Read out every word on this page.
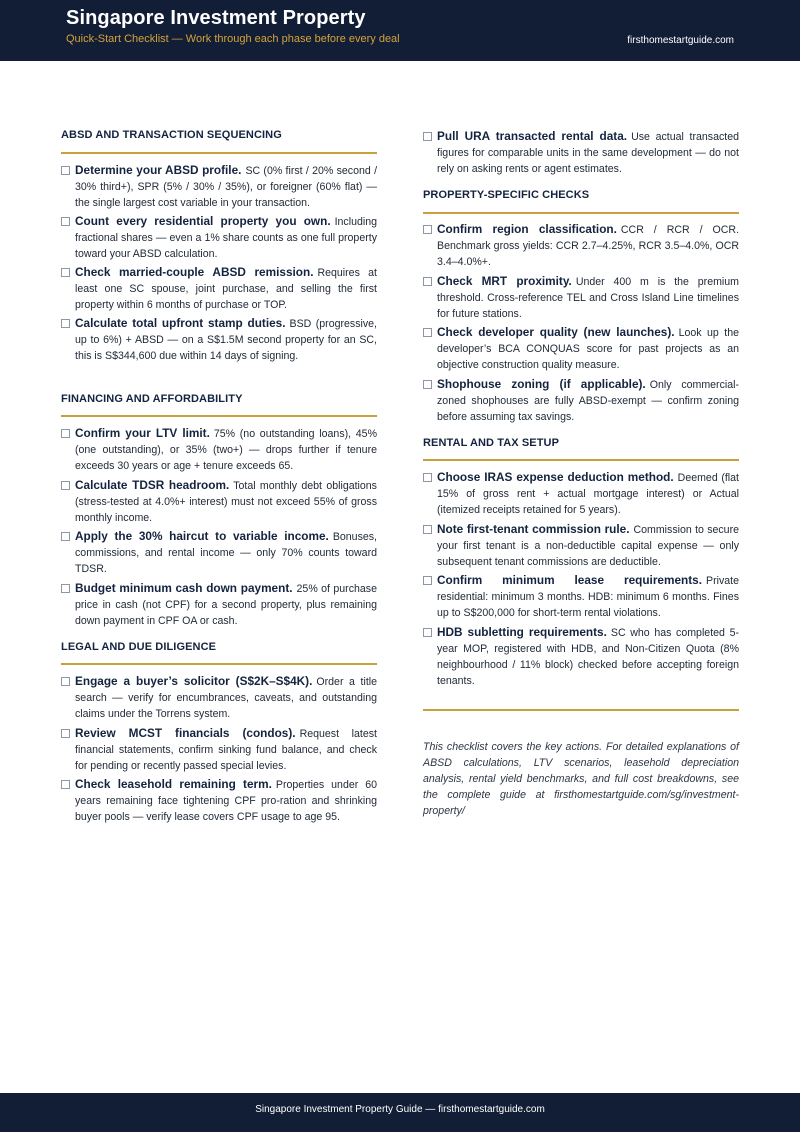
Singapore Investment Property
Quick-Start Checklist — Work through each phase before every deal	firsthomestartguide.com
ABSD AND TRANSACTION SEQUENCING
Determine your ABSD profile. SC (0% first / 20% second / 30% third+), SPR (5% / 30% / 35%), or foreigner (60% flat) — the single largest cost variable in your transaction.
Count every residential property you own. Including fractional shares — even a 1% share counts as one full property toward your ABSD calculation.
Check married-couple ABSD remission. Requires at least one SC spouse, joint purchase, and selling the first property within 6 months of purchase or TOP.
Calculate total upfront stamp duties. BSD (progressive, up to 6%) + ABSD — on a S$1.5M second property for an SC, this is S$344,600 due within 14 days of signing.
FINANCING AND AFFORDABILITY
Confirm your LTV limit. 75% (no outstanding loans), 45% (one outstanding), or 35% (two+) — drops further if tenure exceeds 30 years or age + tenure exceeds 65.
Calculate TDSR headroom. Total monthly debt obligations (stress-tested at 4.0%+ interest) must not exceed 55% of gross monthly income.
Apply the 30% haircut to variable income. Bonuses, commissions, and rental income — only 70% counts toward TDSR.
Budget minimum cash down payment. 25% of purchase price in cash (not CPF) for a second property, plus remaining down payment in CPF OA or cash.
LEGAL AND DUE DILIGENCE
Engage a buyer’s solicitor (S$2K–S$4K). Order a title search — verify for encumbrances, caveats, and outstanding claims under the Torrens system.
Review MCST financials (condos). Request latest financial statements, confirm sinking fund balance, and check for pending or recently passed special levies.
Check leasehold remaining term. Properties under 60 years remaining face tightening CPF pro-ration and shrinking buyer pools — verify lease covers CPF usage to age 95.
Pull URA transacted rental data. Use actual transacted figures for comparable units in the same development — do not rely on asking rents or agent estimates.
PROPERTY-SPECIFIC CHECKS
Confirm region classification. CCR / RCR / OCR. Benchmark gross yields: CCR 2.7–4.25%, RCR 3.5–4.0%, OCR 3.4–4.0%+.
Check MRT proximity. Under 400 m is the premium threshold. Cross-reference TEL and Cross Island Line timelines for future stations.
Check developer quality (new launches). Look up the developer’s BCA CONQUAS score for past projects as an objective construction quality measure.
Shophouse zoning (if applicable). Only commercial-zoned shophouses are fully ABSD-exempt — confirm zoning before assuming tax savings.
RENTAL AND TAX SETUP
Choose IRAS expense deduction method. Deemed (flat 15% of gross rent + actual mortgage interest) or Actual (itemized receipts retained for 5 years).
Note first-tenant commission rule. Commission to secure your first tenant is a non-deductible capital expense — only subsequent tenant commissions are deductible.
Confirm minimum lease requirements. Private residential: minimum 3 months. HDB: minimum 6 months. Fines up to S$200,000 for short-term rental violations.
HDB subletting requirements. SC who has completed 5-year MOP, registered with HDB, and Non-Citizen Quota (8% neighbourhood / 11% block) checked before accepting foreign tenants.
This checklist covers the key actions. For detailed explanations of ABSD calculations, LTV scenarios, leasehold depreciation analysis, rental yield benchmarks, and full cost breakdowns, see the complete guide at firsthomestartguide.com/sg/investment-property/
Singapore Investment Property Guide — firsthomestartguide.com
